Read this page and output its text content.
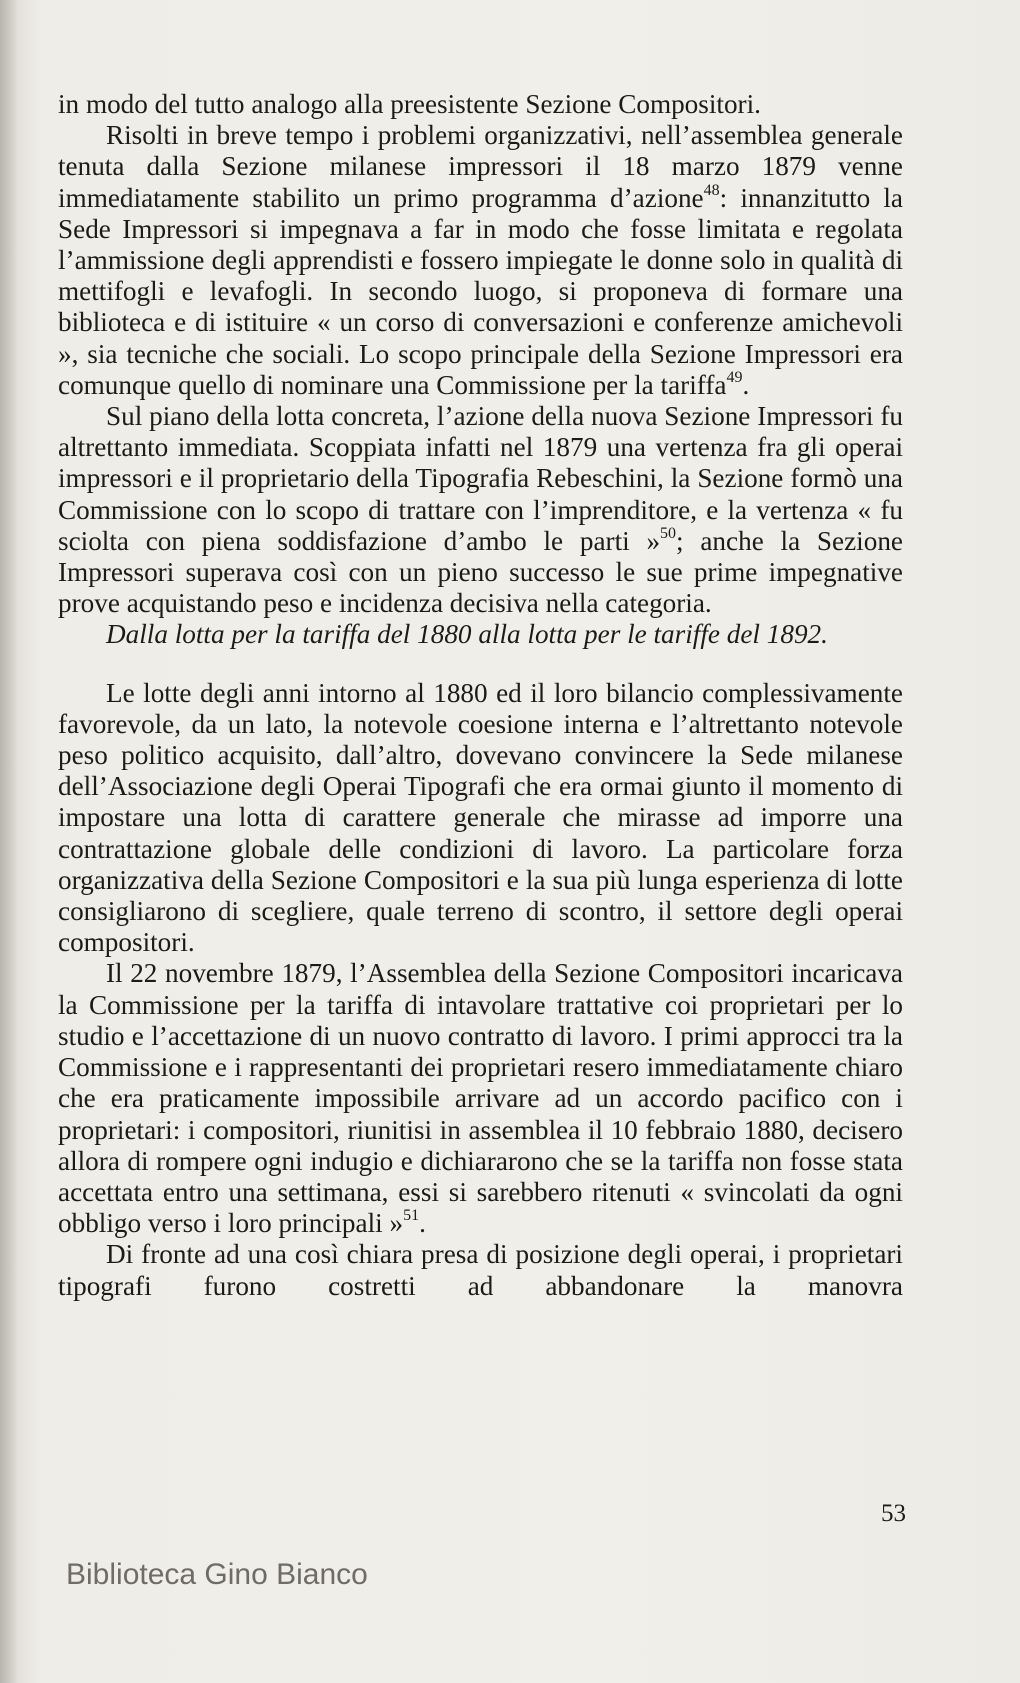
in modo del tutto analogo alla preesistente Sezione Compositori.

Risolti in breve tempo i problemi organizzativi, nell’assemblea generale tenuta dalla Sezione milanese impressori il 18 marzo 1879 venne immediatamente stabilito un primo programma d’azione$^{48}$: innanzitutto la Sede Impressori si impegnava a far in modo che fosse limitata e regolata l’ammissione degli apprendisti e fossero impiegate le donne solo in qualità di mettifogli e levafogli. In secondo luogo, si proponeva di formare una biblioteca e di istituire « un corso di conversazioni e conferenze amichevoli », sia tecniche che sociali. Lo scopo principale della Sezione Impressori era comunque quello di nominare una Commissione per la tariffa$^{49}$.

Sul piano della lotta concreta, l’azione della nuova Sezione Impressori fu altrettanto immediata. Scoppiata infatti nel 1879 una vertenza fra gli operai impressori e il proprietario della Tipografia Rebeschini, la Sezione formò una Commissione con lo scopo di trattare con l’imprenditore, e la vertenza « fu sciolta con piena soddisfazione d’ambo le parti »$^{50}$; anche la Sezione Impressori superava così con un pieno successo le sue prime impegnative prove acquistando peso e incidenza decisiva nella categoria.

Dalla lotta per la tariffa del 1880 alla lotta per le tariffe del 1892.

Le lotte degli anni intorno al 1880 ed il loro bilancio complessivamente favorevole, da un lato, la notevole coesione interna e l’altrettanto notevole peso politico acquisito, dall’altro, dovevano convincere la Sede milanese dell’Associazione degli Operai Tipografi che era ormai giunto il momento di impostare una lotta di carattere generale che mirasse ad imporre una contrattazione globale delle condizioni di lavoro. La particolare forza organizzativa della Sezione Compositori e la sua più lunga esperienza di lotte consigliarono di scegliere, quale terreno di scontro, il settore degli operai compositori.

Il 22 novembre 1879, l’Assemblea della Sezione Compositori incaricava la Commissione per la tariffa di intavolare trattative coi proprietari per lo studio e l’accettazione di un nuovo contratto di lavoro. I primi approcci tra la Commissione e i rappresentanti dei proprietari resero immediatamente chiaro che era praticamente impossibile arrivare ad un accordo pacifico con i proprietari: i compositori, riunitisi in assemblea il 10 febbraio 1880, decisero allora di rompere ogni indugio e dichiararono che se la tariffa non fosse stata accettata entro una settimana, essi si sarebbero ritenuti « svincolati da ogni obbligo verso i loro principali »$^{51}$.

Di fronte ad una così chiara presa di posizione degli operai, i proprietari tipografi furono costretti ad abbandonare la manovra

53
Biblioteca Gino Bianco
